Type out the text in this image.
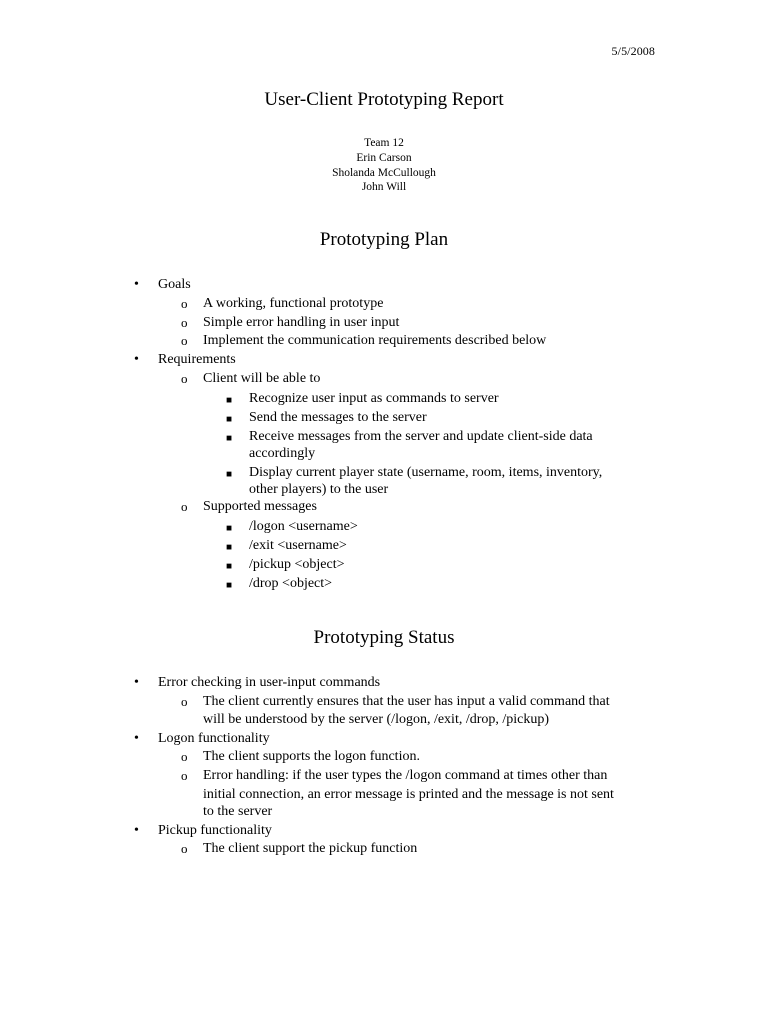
5/5/2008
User-Client Prototyping Report
Team 12
Erin Carson
Sholanda McCullough
John Will
Prototyping Plan
• Goals
o A working, functional prototype
o Simple error handling in user input
o Implement the communication requirements described below
• Requirements
o Client will be able to
■ Recognize user input as commands to server
■ Send the messages to the server
■ Receive messages from the server and update client-side data
accordingly
■ Display current player state (username, room, items, inventory,
other players) to the user
o Supported messages
■ /logon <username>
■ /exit <username>
■ /pickup <object>
■ /drop <object>
Prototyping Status
• Error checking in user-input commands
o The client currently ensures that the user has input a valid command that
will be understood by the server (/logon, /exit, /drop, /pickup)
• Logon functionality
o The client supports the logon function.
o Error handling: if the user types the /logon command at times other than
initial connection, an error message is printed and the message is not sent
to the server
• Pickup functionality
o The client support the pickup function
